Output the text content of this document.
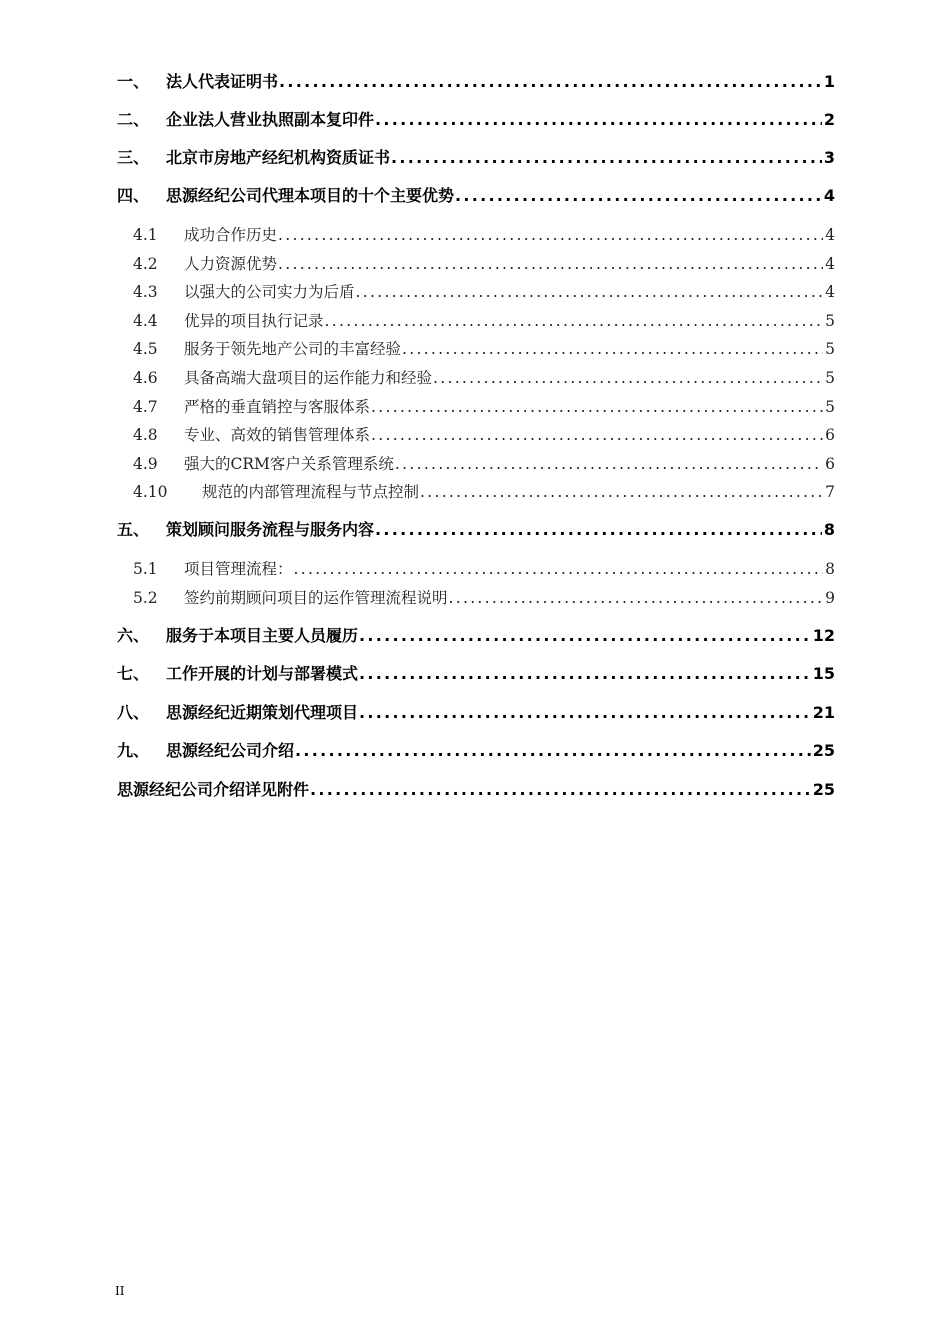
一、	法人代表证明书 .....	1
二、	企业法人营业执照副本复印件 .....	2
三、	北京市房地产经纪机构资质证书 .....	3
四、	思源经纪公司代理本项目的十个主要优势 .....	4
4.1	成功合作历史 .....	4
4.2	人力资源优势 .....	4
4.3	以强大的公司实力为后盾 .....	4
4.4	优异的项目执行记录 .....	5
4.5	服务于领先地产公司的丰富经验 .....	5
4.6	具备高端大盘项目的运作能力和经验 .....	5
4.7	严格的垂直销控与客服体系 .....	5
4.8	专业、高效的销售管理体系 .....	6
4.9	强大的CRM客户关系管理系统 .....	6
4.10	规范的内部管理流程与节点控制 .....	7
五、	策划顾问服务流程与服务内容 .....	8
5.1	项目管理流程： .....	8
5.2	签约前期顾问项目的运作管理流程说明 .....	9
六、	服务于本项目主要人员履历 .....	12
七、	工作开展的计划与部署模式 .....	15
八、	思源经纪近期策划代理项目 .....	21
九、	思源经纪公司介绍 .....	25
思源经纪公司介绍详见附件 .....	25
II
